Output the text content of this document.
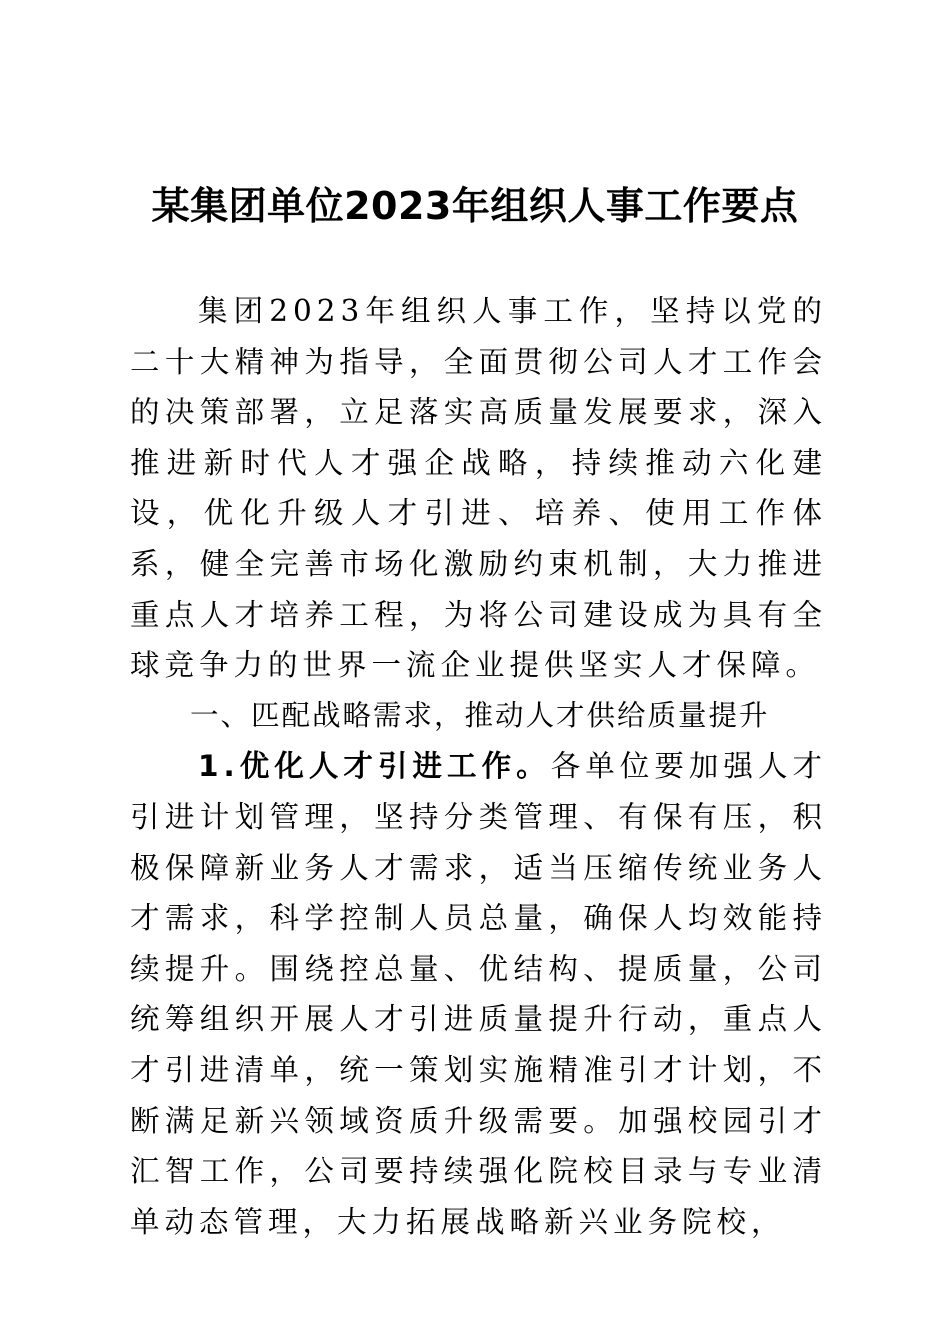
某集团单位2023年组织人事工作要点

集团2023年组织人事工作，坚持以党的二十大精神为指导，全面贯彻公司人才工作会的决策部署，立足落实高质量发展要求，深入推进新时代人才强企战略，持续推动六化建设，优化升级人才引进、培养、使用工作体系，健全完善市场化激励约束机制，大力推进重点人才培养工程，为将公司建设成为具有全球竞争力的世界一流企业提供坚实人才保障。

一、匹配战略需求，推动人才供给质量提升

1.优化人才引进工作。各单位要加强人才引进计划管理，坚持分类管理、有保有压，积极保障新业务人才需求，适当压缩传统业务人才需求，科学控制人员总量，确保人均效能持续提升。围绕控总量、优结构、提质量，公司统筹组织开展人才引进质量提升行动，重点人才引进清单，统一策划实施精准引才计划，不断满足新兴领域资质升级需要。加强校园引才汇智工作，公司要持续强化院校目录与专业清单动态管理，大力拓展战略新兴业务院校，
